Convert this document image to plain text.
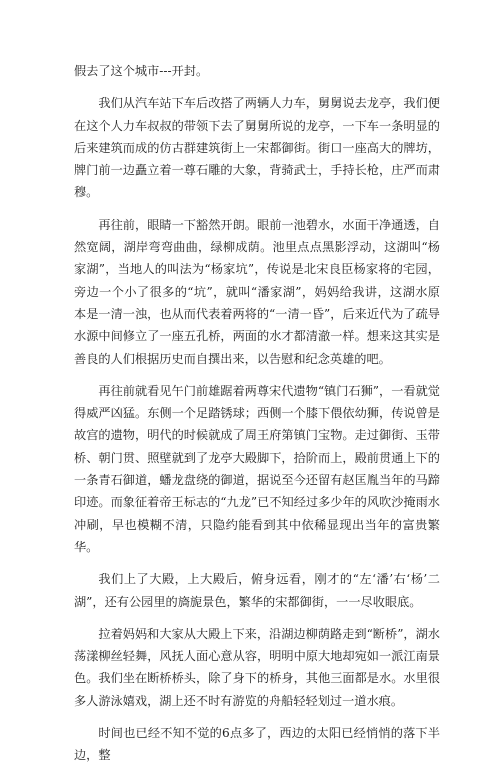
假去了这个城市---开封。

我们从汽车站下车后改搭了两辆人力车，舅舅说去龙亭，我们便在这个人力车叔叔的带领下去了舅舅所说的龙亭，一下车一条明显的后来建筑而成的仿古群建筑街上一宋都御街。街口一座高大的牌坊，牌门前一边矗立着一尊石雕的大象，背骑武士，手持长枪，庄严而肃穆。

再往前，眼睛一下豁然开朗。眼前一池碧水，水面干净通透，自然宽阔，湖岸弯弯曲曲，绿柳成荫。池里点点黑影浮动，这湖叫“杨家湖”，当地人的叫法为“杨家坑”，传说是北宋良臣杨家将的宅园，旁边一个小了很多的“坑”，就叫“潘家湖”，妈妈给我讲，这湖水原本是一清一浊，也从而代表着两将的“一清一昏”，后来近代为了疏导水源中间修立了一座五孔桥，两面的水才都清澈一样。想来这其实是善良的人们根据历史而自撰出来，以告慰和纪念英雄的吧。

再往前就看见午门前雄踞着两尊宋代遗物“镇门石狮”，一看就觉得威严凶猛。东侧一个足踏锈球；西侧一个膝下偎依幼狮，传说曾是故宫的遗物，明代的时候就成了周王府第镇门宝物。走过御街、玉带桥、朝门贯、照壁就到了龙亭大殿脚下，拾阶而上，殿前贯通上下的一条青石御道，蟠龙盘绕的御道，据说至今还留有赵匡胤当年的马蹄印迹。而象征着帝王标志的“九龙”已不知经过多少年的风吹沙掩雨水冲刷，早也模糊不清，只隐约能看到其中依稀显现出当年的富贵繁华。

我们上了大殿，上大殿后，俯身远看，刚才的“左‘潘’右‘杨’二湖”，还有公园里的旖旎景色，繁华的宋都御街，一一尽收眼底。

拉着妈妈和大家从大殿上下来，沿湖边柳荫路走到“断桥”，湖水荡漾柳丝轻舞，风抚人面心意从容，明明中原大地却宛如一派江南景色。我们坐在断桥桥头，除了身下的桥身，其他三面都是水。水里很多人游泳嬉戏，湖上还不时有游览的舟船轻轻划过一道水痕。

时间也已经不知不觉的6点多了，西边的太阳已经悄悄的落下半边，整
